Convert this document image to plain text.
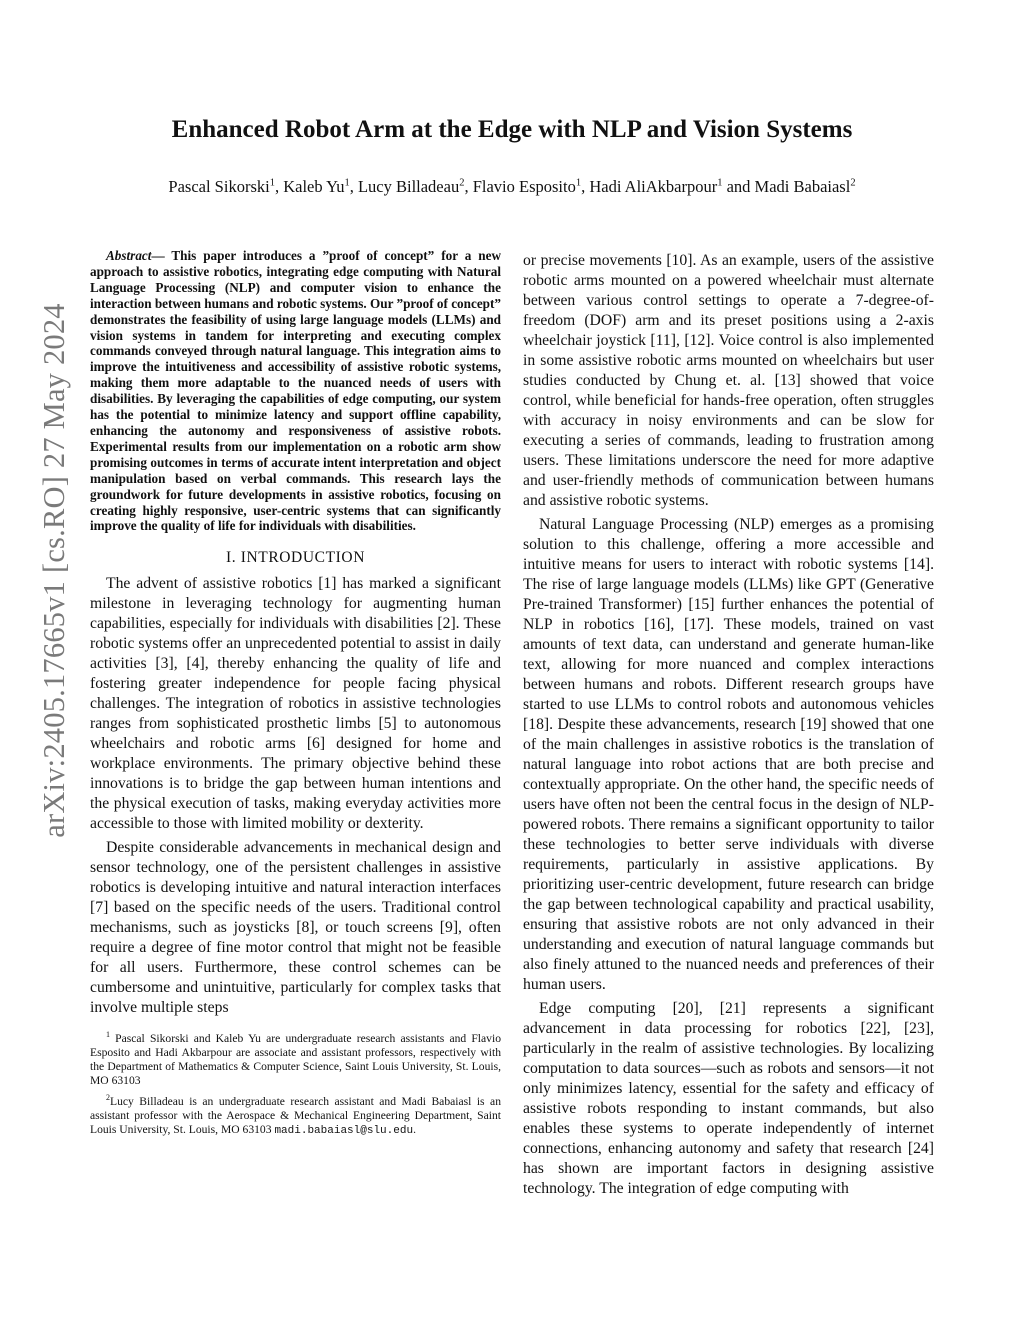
arXiv:2405.17665v1 [cs.RO] 27 May 2024
Enhanced Robot Arm at the Edge with NLP and Vision Systems

Pascal Sikorski$^1$, Kaleb Yu$^1$, Lucy Billadeau$^2$, Flavio Esposito$^1$, Hadi AliAkbarpour$^1$ and Madi Babaiasl$^2$

Abstract— This paper introduces a ”proof of concept” for a new approach to assistive robotics, integrating edge computing with Natural Language Processing (NLP) and computer vision to enhance the interaction between humans and robotic systems. Our ”proof of concept” demonstrates the feasibility of using large language models (LLMs) and vision systems in tandem for interpreting and executing complex commands conveyed through natural language. This integration aims to improve the intuitiveness and accessibility of assistive robotic systems, making them more adaptable to the nuanced needs of users with disabilities. By leveraging the capabilities of edge computing, our system has the potential to minimize latency and support offline capability, enhancing the autonomy and responsiveness of assistive robots. Experimental results from our implementation on a robotic arm show promising outcomes in terms of accurate intent interpretation and object manipulation based on verbal commands. This research lays the groundwork for future developments in assistive robotics, focusing on creating highly responsive, user-centric systems that can significantly improve the quality of life for individuals with disabilities.

I. INTRODUCTION

The advent of assistive robotics [1] has marked a significant milestone in leveraging technology for augmenting human capabilities, especially for individuals with disabilities [2]. These robotic systems offer an unprecedented potential to assist in daily activities [3], [4], thereby enhancing the quality of life and fostering greater independence for people facing physical challenges. The integration of robotics in assistive technologies ranges from sophisticated prosthetic limbs [5] to autonomous wheelchairs and robotic arms [6] designed for home and workplace environments. The primary objective behind these innovations is to bridge the gap between human intentions and the physical execution of tasks, making everyday activities more accessible to those with limited mobility or dexterity.

Despite considerable advancements in mechanical design and sensor technology, one of the persistent challenges in assistive robotics is developing intuitive and natural interaction interfaces [7] based on the specific needs of the users. Traditional control mechanisms, such as joysticks [8], or touch screens [9], often require a degree of fine motor control that might not be feasible for all users. Furthermore, these control schemes can be cumbersome and unintuitive, particularly for complex tasks that involve multiple steps

$^1$ Pascal Sikorski and Kaleb Yu are undergraduate research assistants and Flavio Esposito and Hadi Akbarpour are associate and assistant professors, respectively with the Department of Mathematics & Computer Science, Saint Louis University, St. Louis, MO 63103

$^2$Lucy Billadeau is an undergraduate research assistant and Madi Babaiasl is an assistant professor with the Aerospace & Mechanical Engineering Department, Saint Louis University, St. Louis, MO 63103 madi.babaiasl@slu.edu.

or precise movements [10]. As an example, users of the assistive robotic arms mounted on a powered wheelchair must alternate between various control settings to operate a 7-degree-of-freedom (DOF) arm and its preset positions using a 2-axis wheelchair joystick [11], [12]. Voice control is also implemented in some assistive robotic arms mounted on wheelchairs but user studies conducted by Chung et. al. [13] showed that voice control, while beneficial for hands-free operation, often struggles with accuracy in noisy environments and can be slow for executing a series of commands, leading to frustration among users. These limitations underscore the need for more adaptive and user-friendly methods of communication between humans and assistive robotic systems.

Natural Language Processing (NLP) emerges as a promising solution to this challenge, offering a more accessible and intuitive means for users to interact with robotic systems [14]. The rise of large language models (LLMs) like GPT (Generative Pre-trained Transformer) [15] further enhances the potential of NLP in robotics [16], [17]. These models, trained on vast amounts of text data, can understand and generate human-like text, allowing for more nuanced and complex interactions between humans and robots. Different research groups have started to use LLMs to control robots and autonomous vehicles [18]. Despite these advancements, research [19] showed that one of the main challenges in assistive robotics is the translation of natural language into robot actions that are both precise and contextually appropriate. On the other hand, the specific needs of users have often not been the central focus in the design of NLP-powered robots. There remains a significant opportunity to tailor these technologies to better serve individuals with diverse requirements, particularly in assistive applications. By prioritizing user-centric development, future research can bridge the gap between technological capability and practical usability, ensuring that assistive robots are not only advanced in their understanding and execution of natural language commands but also finely attuned to the nuanced needs and preferences of their human users.

Edge computing [20], [21] represents a significant advancement in data processing for robotics [22], [23], particularly in the realm of assistive technologies. By localizing computation to data sources—such as robots and sensors—it not only minimizes latency, essential for the safety and efficacy of assistive robots responding to instant commands, but also enables these systems to operate independently of internet connections, enhancing autonomy and safety that research [24] has shown are important factors in designing assistive technology. The integration of edge computing with
